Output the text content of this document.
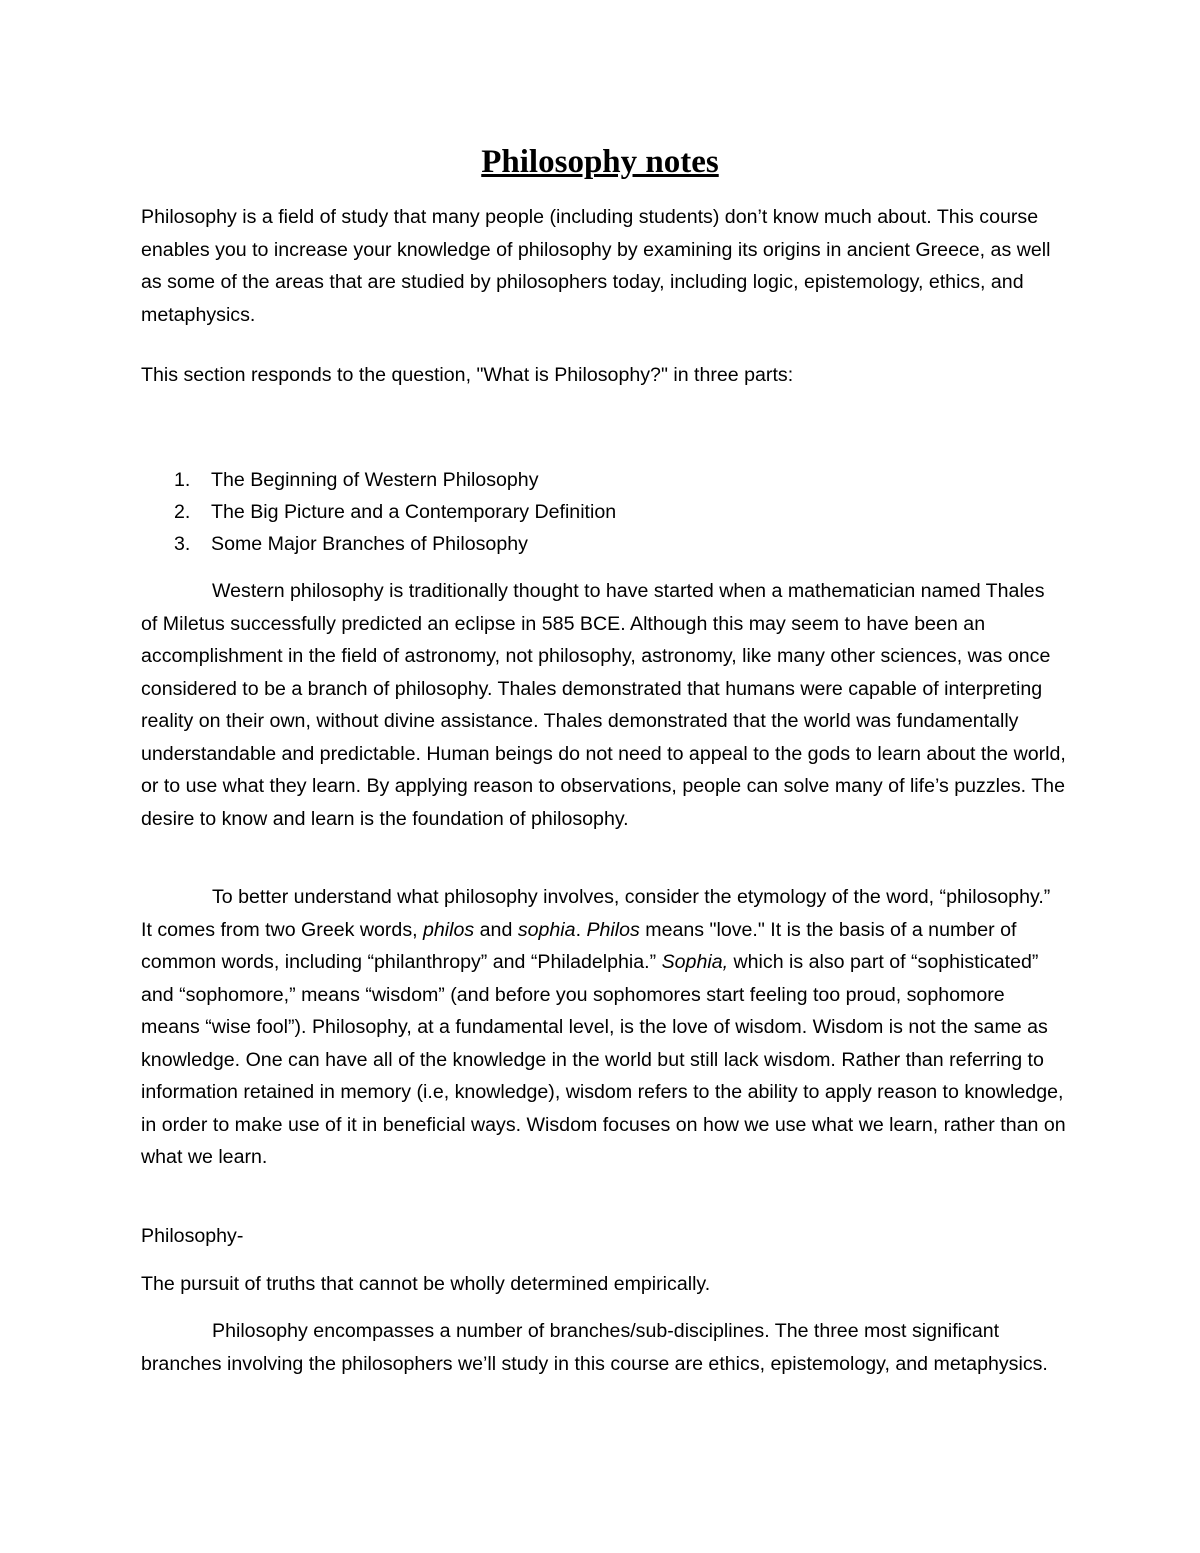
Philosophy notes

Philosophy is a field of study that many people (including students) don’t know much about. This course enables you to increase your knowledge of philosophy by examining its origins in ancient Greece, as well as some of the areas that are studied by philosophers today, including logic, epistemology, ethics, and metaphysics.

This section responds to the question, "What is Philosophy?" in three parts:

1. The Beginning of Western Philosophy
2. The Big Picture and a Contemporary Definition
3. Some Major Branches of Philosophy

Western philosophy is traditionally thought to have started when a mathematician named Thales of Miletus successfully predicted an eclipse in 585 BCE. Although this may seem to have been an accomplishment in the field of astronomy, not philosophy, astronomy, like many other sciences, was once considered to be a branch of philosophy. Thales demonstrated that humans were capable of interpreting reality on their own, without divine assistance. Thales demonstrated that the world was fundamentally understandable and predictable. Human beings do not need to appeal to the gods to learn about the world, or to use what they learn. By applying reason to observations, people can solve many of life’s puzzles. The desire to know and learn is the foundation of philosophy.

To better understand what philosophy involves, consider the etymology of the word, “philosophy.” It comes from two Greek words, philos and sophia. Philos means "love." It is the basis of a number of common words, including “philanthropy” and “Philadelphia.” Sophia, which is also part of “sophisticated” and “sophomore,” means “wisdom” (and before you sophomores start feeling too proud, sophomore means “wise fool”). Philosophy, at a fundamental level, is the love of wisdom. Wisdom is not the same as knowledge. One can have all of the knowledge in the world but still lack wisdom. Rather than referring to information retained in memory (i.e, knowledge), wisdom refers to the ability to apply reason to knowledge, in order to make use of it in beneficial ways. Wisdom focuses on how we use what we learn, rather than on what we learn.

Philosophy-

The pursuit of truths that cannot be wholly determined empirically.

Philosophy encompasses a number of branches/sub-disciplines. The three most significant branches involving the philosophers we’ll study in this course are ethics, epistemology, and metaphysics.
